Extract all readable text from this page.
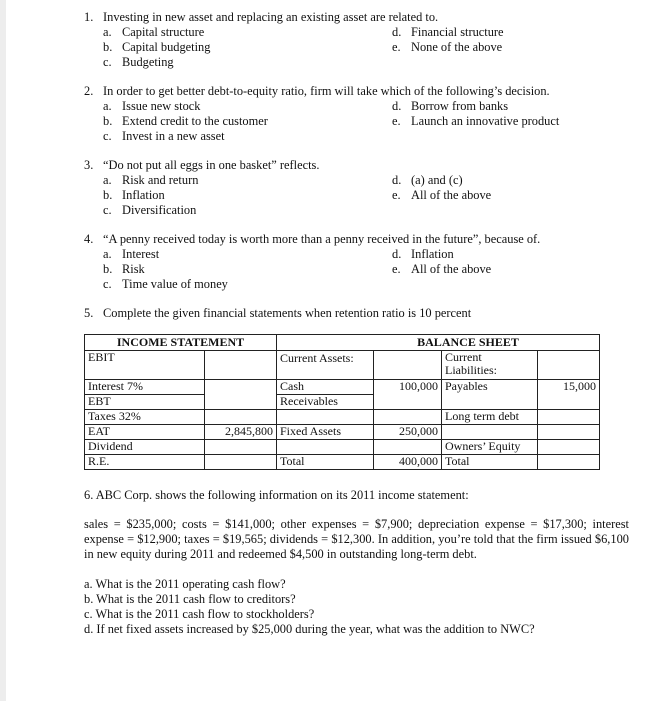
1. Investing in new asset and replacing an existing asset are related to.
a. Capital structure
b. Capital budgeting
c. Budgeting
d. Financial structure
e. None of the above
2. In order to get better debt-to-equity ratio, firm will take which of the following’s decision.
a. Issue new stock
b. Extend credit to the customer
c. Invest in a new asset
d. Borrow from banks
e. Launch an innovative product
3. “Do not put all eggs in one basket” reflects.
a. Risk and return
b. Inflation
c. Diversification
d. (a) and (c)
e. All of the above
4. “A penny received today is worth more than a penny received in the future”, because of.
a. Interest
b. Risk
c. Time value of money
d. Inflation
e. All of the above
5. Complete the given financial statements when retention ratio is 10 percent
INCOME STATEMENT		BALANCE SHEET			
EBIT		Current Assets:		Current Liabilities:	
Interest 7%		Cash	100,000	Payables	15,000
EBT		Receivables			
Taxes 32%				Long term debt	
EAT	2,845,800	Fixed Assets	250,000		
Dividend				Owners’ Equity	
R.E.		Total	400,000	Total	
6. ABC Corp. shows the following information on its 2011 income statement:
sales = $235,000; costs = $141,000; other expenses = $7,900; depreciation expense = $17,300; interest expense = $12,900; taxes = $19,565; dividends = $12,300. In addition, you’re told that the firm issued $6,100 in new equity during 2011 and redeemed $4,500 in outstanding long-term debt.
a. What is the 2011 operating cash flow?
b. What is the 2011 cash flow to creditors?
c. What is the 2011 cash flow to stockholders?
d. If net fixed assets increased by $25,000 during the year, what was the addition to NWC?
